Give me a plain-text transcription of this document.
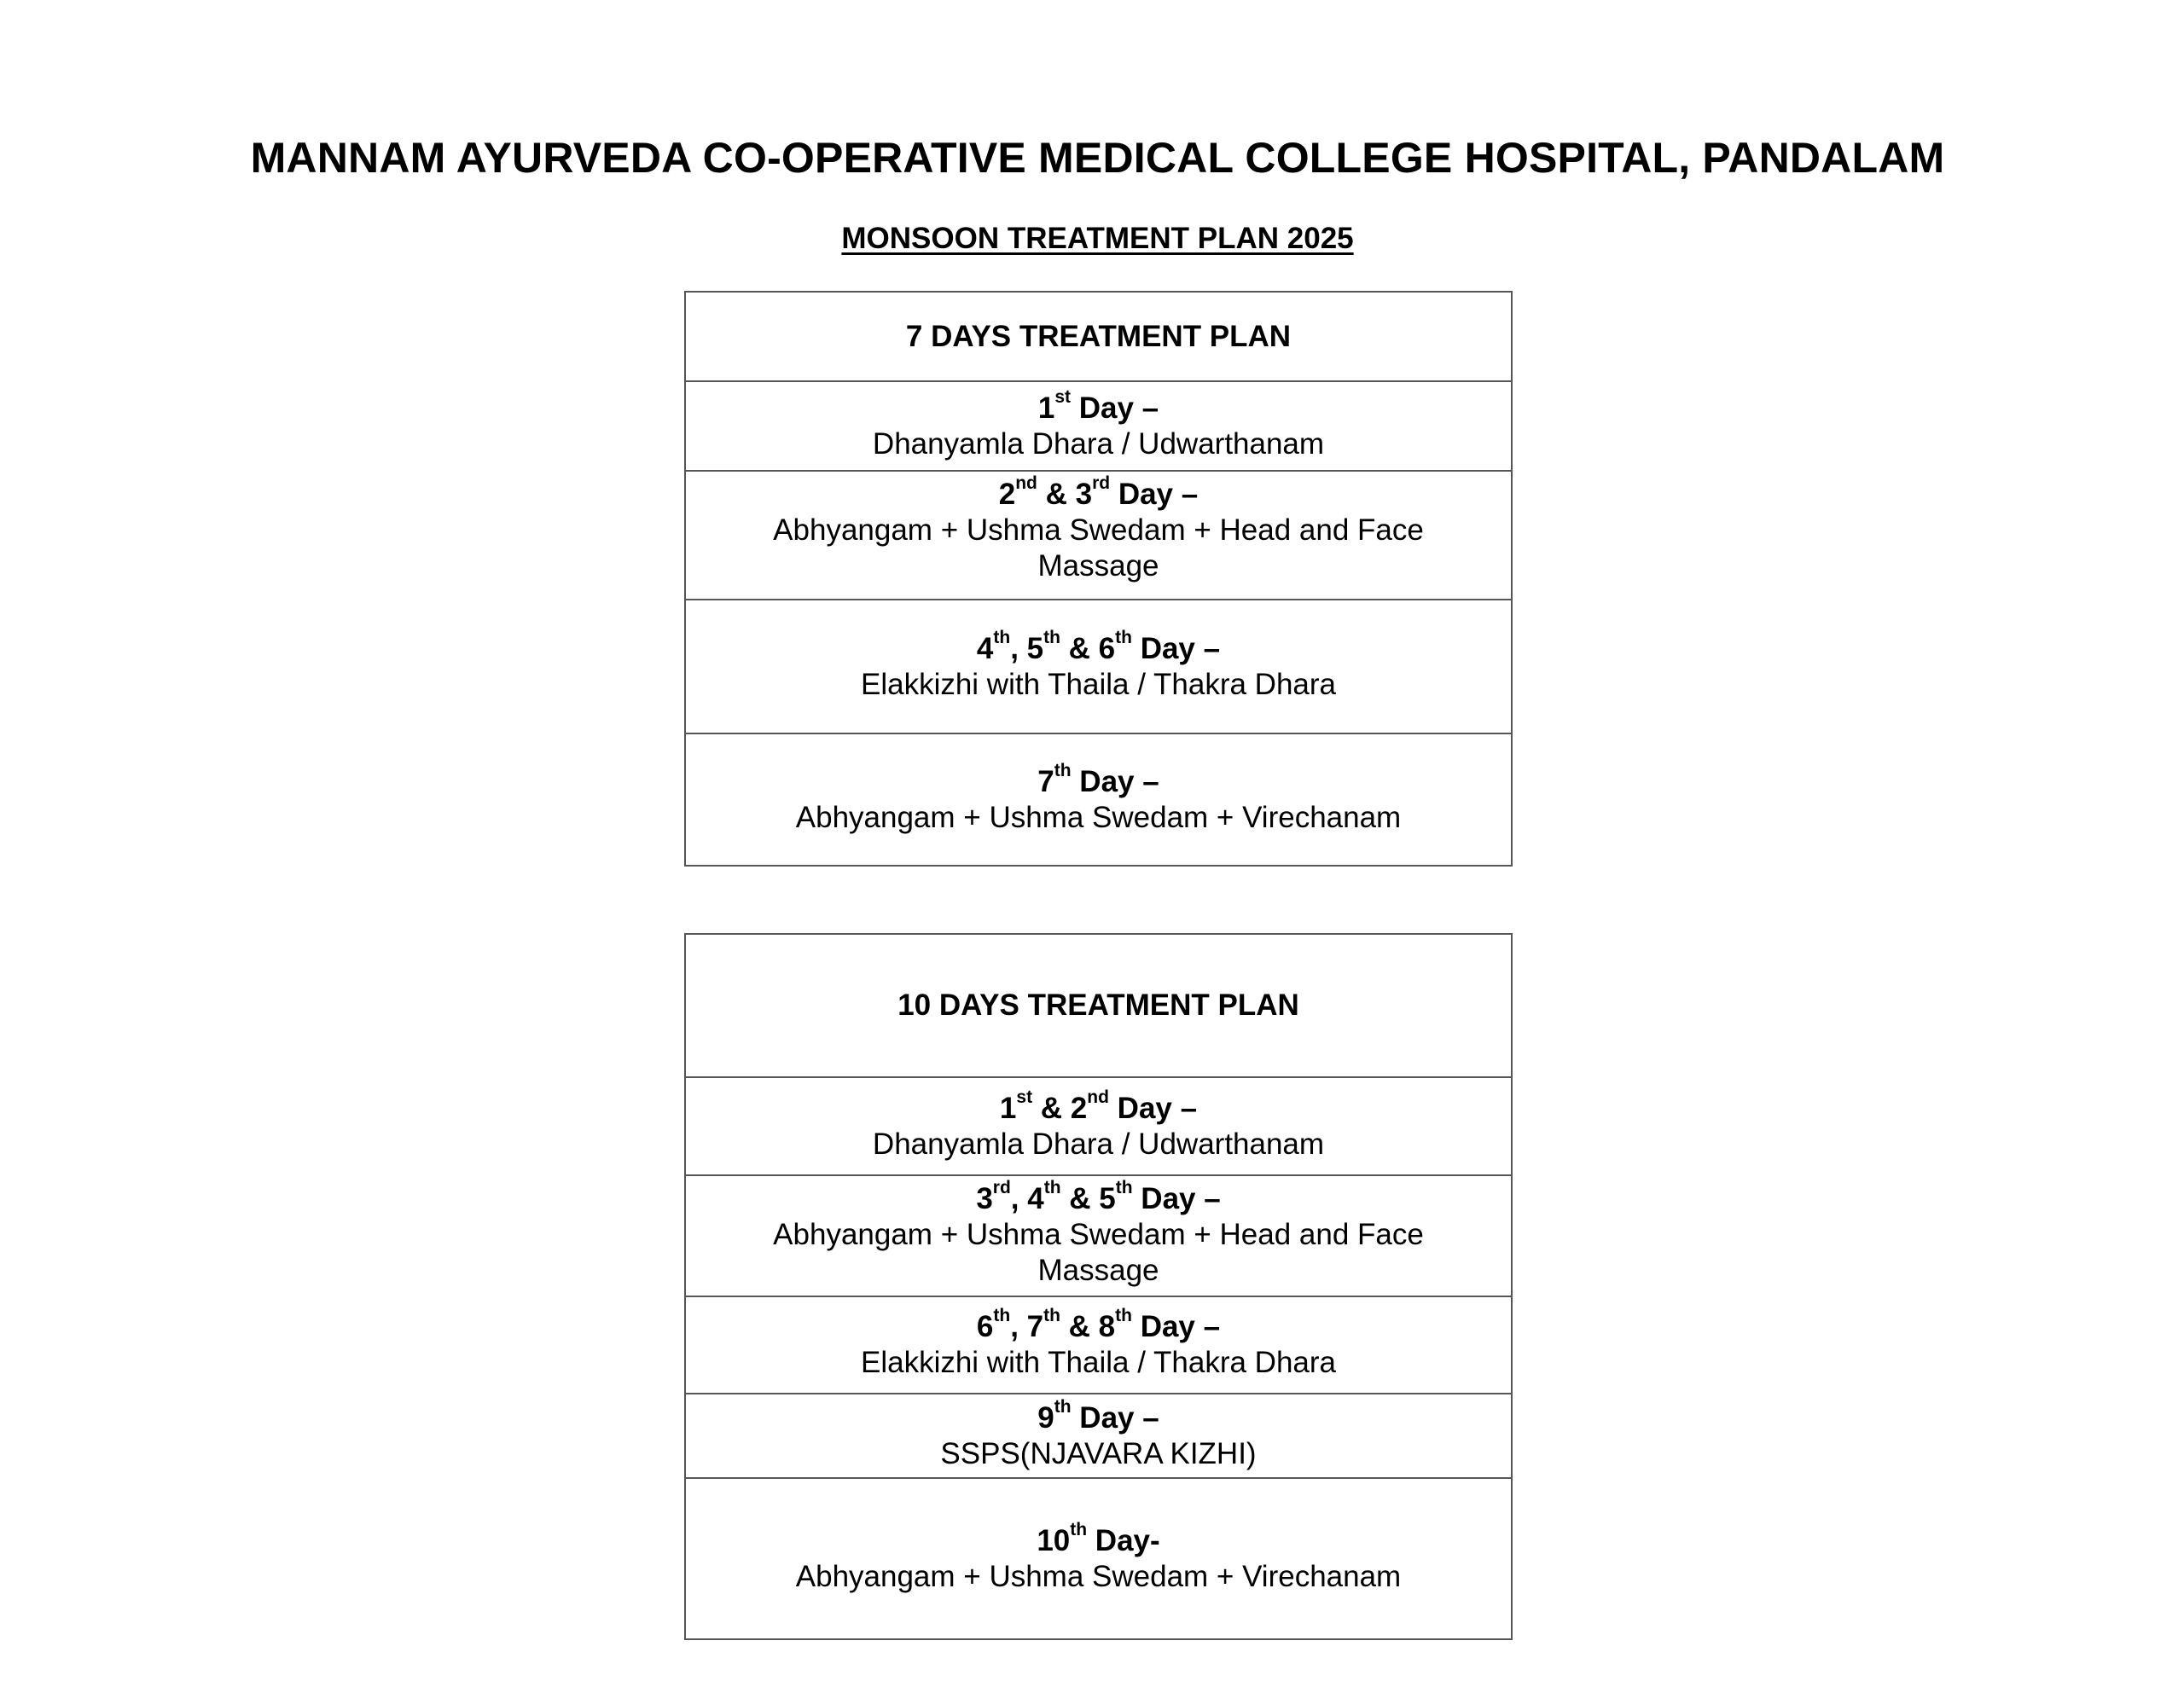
MANNAM AYURVEDA CO-OPERATIVE MEDICAL COLLEGE HOSPITAL, PANDALAM
MONSOON TREATMENT PLAN 2025
7 DAYS TREATMENT PLAN

1st Day –
Dhanyamla Dhara / Udwarthanam

2nd & 3rd Day –
Abhyangam + Ushma Swedam + Head and Face Massage

4th, 5th & 6th Day –
Elakkizhi with Thaila / Thakra Dhara

7th Day –
Abhyangam + Ushma Swedam + Virechanam
10 DAYS TREATMENT PLAN

1st & 2nd Day –
Dhanyamla Dhara / Udwarthanam

3rd, 4th & 5th Day –
Abhyangam + Ushma Swedam + Head and Face Massage

6th, 7th & 8th Day –
Elakkizhi with Thaila / Thakra Dhara

9th Day –
SSPS(NJAVARA KIZHI)

10th Day-
Abhyangam + Ushma Swedam + Virechanam
